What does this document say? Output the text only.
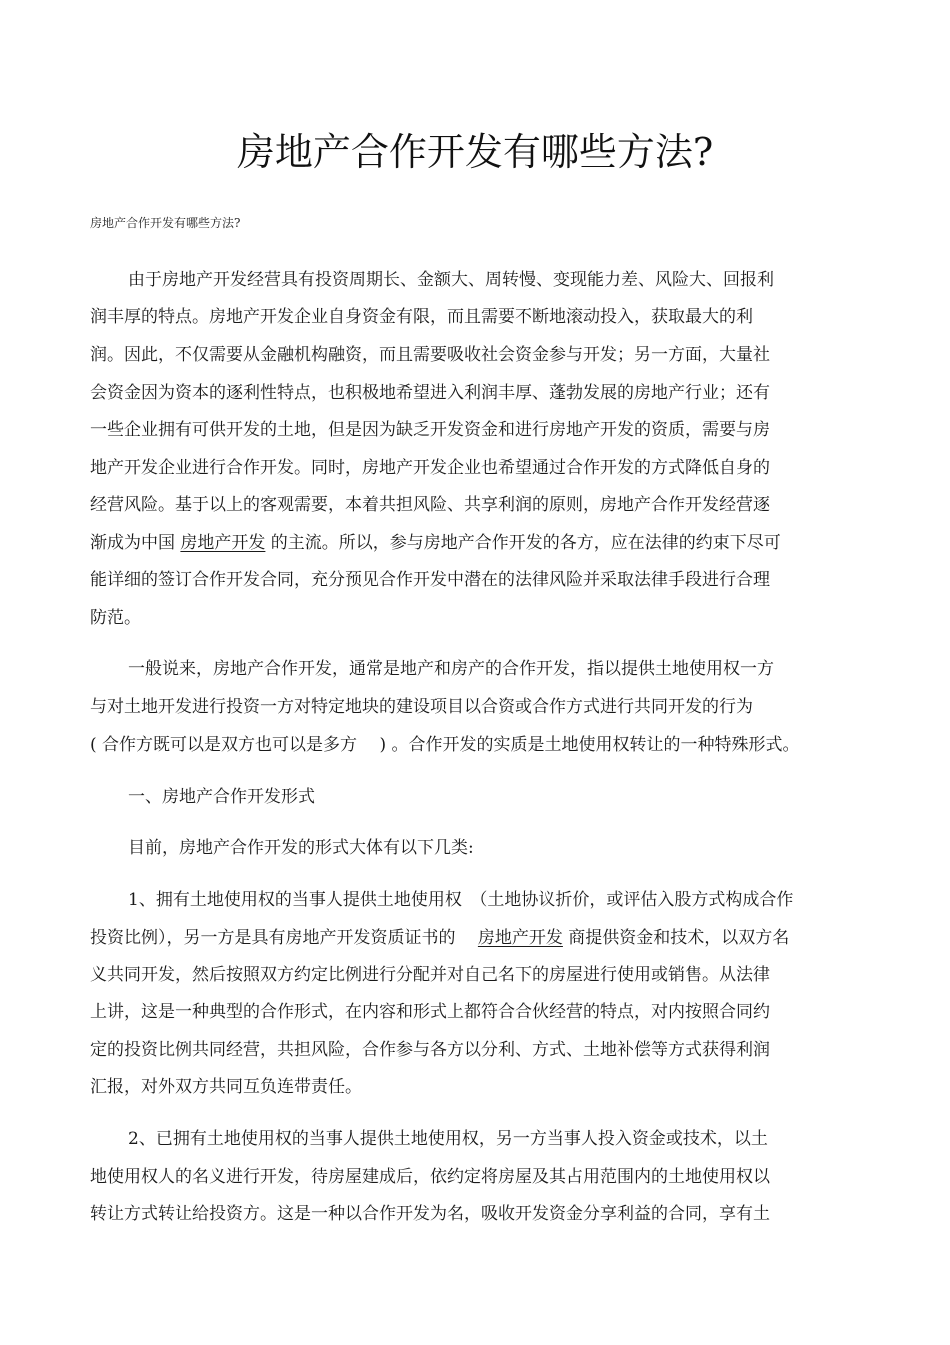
房地产合作开发有哪些方法?

房地产合作开发有哪些方法?

由于房地产开发经营具有投资周期长、金额大、周转慢、变现能力差、风险大、回报利

润丰厚的特点。房地产开发企业自身资金有限，而且需要不断地滚动投入，获取最大的利

润。因此，不仅需要从金融机构融资，而且需要吸收社会资金参与开发；另一方面，大量社

会资金因为资本的逐利性特点，也积极地希望进入利润丰厚、蓬勃发展的房地产行业；还有

一些企业拥有可供开发的土地，但是因为缺乏开发资金和进行房地产开发的资质，需要与房

地产开发企业进行合作开发。同时，房地产开发企业也希望通过合作开发的方式降低自身的

经营风险。基于以上的客观需要，本着共担风险、共享利润的原则，房地产合作开发经营逐

渐成为中国 房地产开发 的主流。所以，参与房地产合作开发的各方，应在法律的约束下尽可

能详细的签订合作开发合同，充分预见合作开发中潜在的法律风险并采取法律手段进行合理

防范。

一般说来，房地产合作开发，通常是地产和房产的合作开发，指以提供土地使用权一方

与对土地开发进行投资一方对特定地块的建设项目以合资或合作方式进行共同开发的行为

( 合作方既可以是双方也可以是多方　 ) 。合作开发的实质是土地使用权转让的一种特殊形式。

一、房地产合作开发形式

目前，房地产合作开发的形式大体有以下几类:

1、拥有土地使用权的当事人提供土地使用权　（土地协议折价，或评估入股方式构成合作

投资比例），另一方是具有房地产开发资质证书的　 房地产开发 商提供资金和技术，以双方名

义共同开发，然后按照双方约定比例进行分配并对自己名下的房屋进行使用或销售。从法律

上讲，这是一种典型的合作形式，在内容和形式上都符合合伙经营的特点，对内按照合同约

定的投资比例共同经营，共担风险，合作参与各方以分利、方式、土地补偿等方式获得利润

汇报，对外双方共同互负连带责任。

2、已拥有土地使用权的当事人提供土地使用权，另一方当事人投入资金或技术，以土

地使用权人的名义进行开发，待房屋建成后，依约定将房屋及其占用范围内的土地使用权以

转让方式转让给投资方。这是一种以合作开发为名，吸收开发资金分享利益的合同，享有土
